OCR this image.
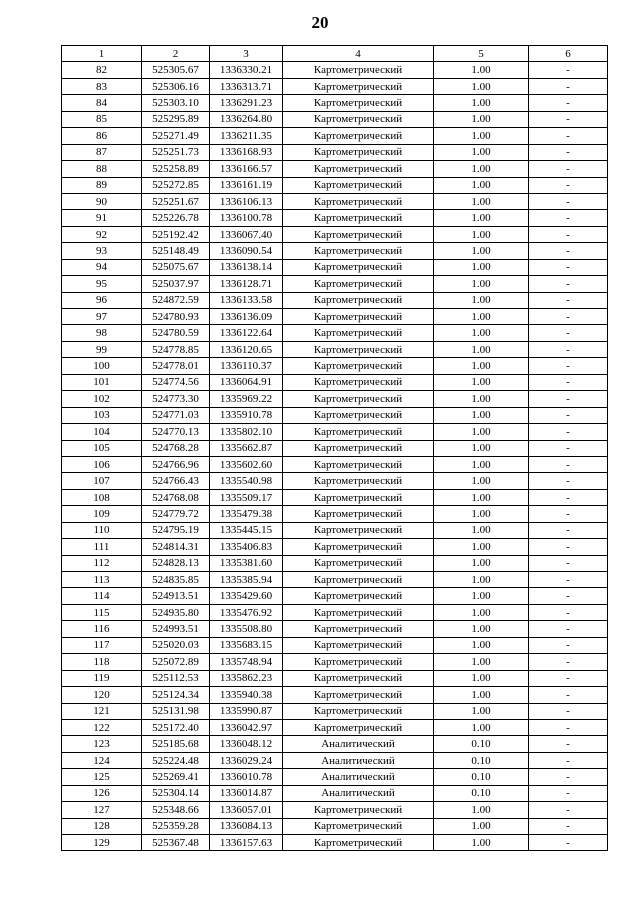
20
1	2	3	4	5	6
82	525305.67	1336330.21	Картометрический	1.00	-
83	525306.16	1336313.71	Картометрический	1.00	-
84	525303.10	1336291.23	Картометрический	1.00	-
85	525295.89	1336264.80	Картометрический	1.00	-
86	525271.49	1336211.35	Картометрический	1.00	-
87	525251.73	1336168.93	Картометрический	1.00	-
88	525258.89	1336166.57	Картометрический	1.00	-
89	525272.85	1336161.19	Картометрический	1.00	-
90	525251.67	1336106.13	Картометрический	1.00	-
91	525226.78	1336100.78	Картометрический	1.00	-
92	525192.42	1336067.40	Картометрический	1.00	-
93	525148.49	1336090.54	Картометрический	1.00	-
94	525075.67	1336138.14	Картометрический	1.00	-
95	525037.97	1336128.71	Картометрический	1.00	-
96	524872.59	1336133.58	Картометрический	1.00	-
97	524780.93	1336136.09	Картометрический	1.00	-
98	524780.59	1336122.64	Картометрический	1.00	-
99	524778.85	1336120.65	Картометрический	1.00	-
100	524778.01	1336110.37	Картометрический	1.00	-
101	524774.56	1336064.91	Картометрический	1.00	-
102	524773.30	1335969.22	Картометрический	1.00	-
103	524771.03	1335910.78	Картометрический	1.00	-
104	524770.13	1335802.10	Картометрический	1.00	-
105	524768.28	1335662.87	Картометрический	1.00	-
106	524766.96	1335602.60	Картометрический	1.00	-
107	524766.43	1335540.98	Картометрический	1.00	-
108	524768.08	1335509.17	Картометрический	1.00	-
109	524779.72	1335479.38	Картометрический	1.00	-
110	524795.19	1335445.15	Картометрический	1.00	-
111	524814.31	1335406.83	Картометрический	1.00	-
112	524828.13	1335381.60	Картометрический	1.00	-
113	524835.85	1335385.94	Картометрический	1.00	-
114	524913.51	1335429.60	Картометрический	1.00	-
115	524935.80	1335476.92	Картометрический	1.00	-
116	524993.51	1335508.80	Картометрический	1.00	-
117	525020.03	1335683.15	Картометрический	1.00	-
118	525072.89	1335748.94	Картометрический	1.00	-
119	525112.53	1335862.23	Картометрический	1.00	-
120	525124.34	1335940.38	Картометрический	1.00	-
121	525131.98	1335990.87	Картометрический	1.00	-
122	525172.40	1336042.97	Картометрический	1.00	-
123	525185.68	1336048.12	Аналитический	0.10	-
124	525224.48	1336029.24	Аналитический	0.10	-
125	525269.41	1336010.78	Аналитический	0.10	-
126	525304.14	1336014.87	Аналитический	0.10	-
127	525348.66	1336057.01	Картометрический	1.00	-
128	525359.28	1336084.13	Картометрический	1.00	-
129	525367.48	1336157.63	Картометрический	1.00	-
